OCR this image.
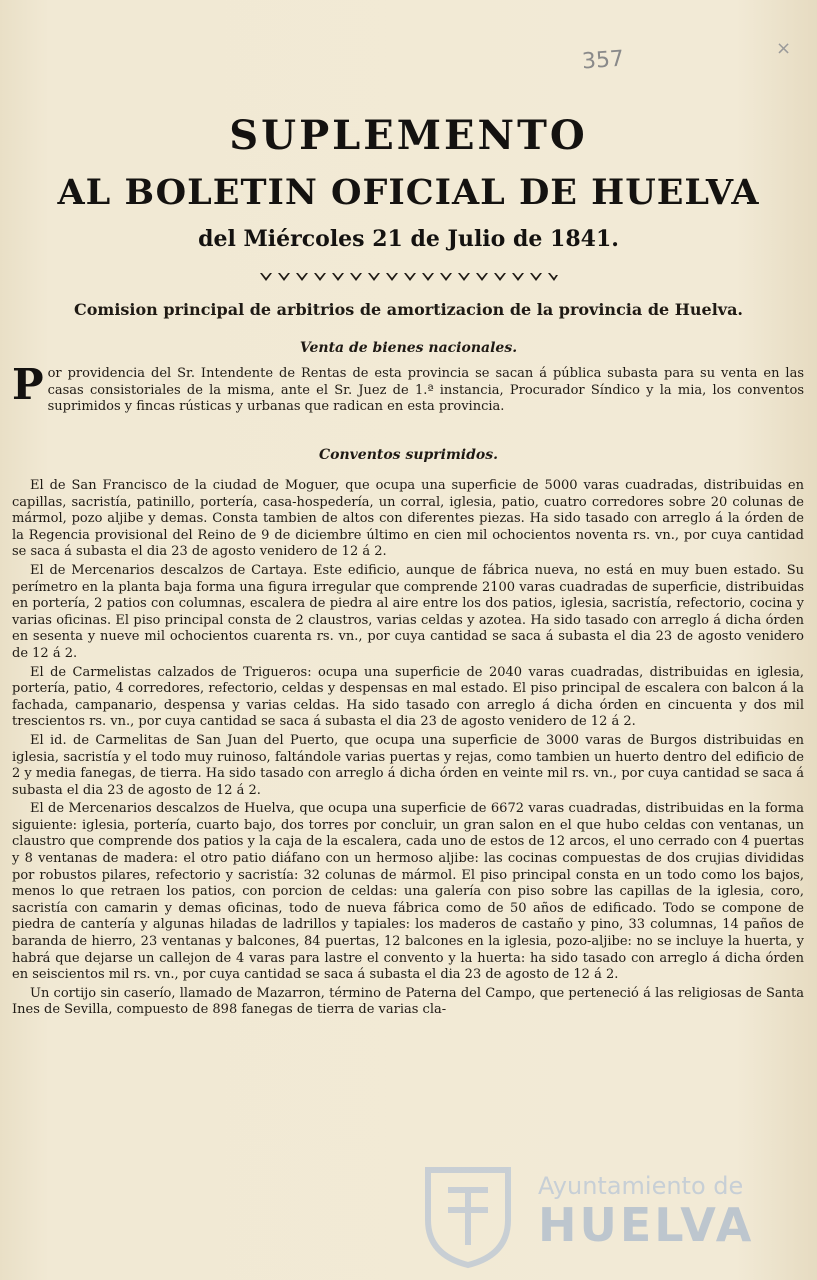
357	×
SUPLEMENTO
AL BOLETIN OFICIAL DE HUELVA
del Miércoles 21 de Julio de 1841.
Comision principal de arbitrios de amortizacion de la provincia de Huelva.
Venta de bienes nacionales.
Por providencia del Sr. Intendente de Rentas de esta provincia se sacan á pública subasta para su venta en las casas consistoriales de la misma, ante el Sr. Juez de 1.ª instancia, Procurador Síndico y la mia, los conventos suprimidos y fincas rústicas y urbanas que radican en esta provincia.
Conventos suprimidos.

El de San Francisco de la ciudad de Moguer, que ocupa una superficie de 5000 varas cuadradas, distribuidas en capillas, sacristía, patinillo, portería, casa-hospedería, un corral, iglesia, patio, cuatro corredores sobre 20 colunas de mármol, pozo aljibe y demas. Consta tambien de altos con diferentes piezas. Ha sido tasado con arreglo á la órden de la Regencia provisional del Reino de 9 de diciembre último en cien mil ochocientos noventa rs. vn., por cuya cantidad se saca á subasta el dia 23 de agosto venidero de 12 á 2.

El de Mercenarios descalzos de Cartaya. Este edificio, aunque de fábrica nueva, no está en muy buen estado. Su perímetro en la planta baja forma una figura irregular que comprende 2100 varas cuadradas de superficie, distribuidas en portería, 2 patios con columnas, escalera de piedra al aire entre los dos patios, iglesia, sacristía, refectorio, cocina y varias oficinas. El piso principal consta de 2 claustros, varias celdas y azotea. Ha sido tasado con arreglo á dicha órden en sesenta y nueve mil ochocientos cuarenta rs. vn., por cuya cantidad se saca á subasta el dia 23 de agosto venidero de 12 á 2.

El de Carmelistas calzados de Trigueros: ocupa una superficie de 2040 varas cuadradas, distribuidas en iglesia, portería, patio, 4 corredores, refectorio, celdas y despensas en mal estado. El piso principal de escalera con balcon á la fachada, campanario, despensa y varias celdas. Ha sido tasado con arreglo á dicha órden en cincuenta y dos mil trescientos rs. vn., por cuya cantidad se saca á subasta el dia 23 de agosto venidero de 12 á 2.

El id. de Carmelitas de San Juan del Puerto, que ocupa una superficie de 3000 varas de Burgos distribuidas en iglesia, sacristía y el todo muy ruinoso, faltándole varias puertas y rejas, como tambien un huerto dentro del edificio de 2 y media fanegas, de tierra. Ha sido tasado con arreglo á dicha órden en veinte mil rs. vn., por cuya cantidad se saca á subasta el dia 23 de agosto de 12 á 2.

El de Mercenarios descalzos de Huelva, que ocupa una superficie de 6672 varas cuadradas, distribuidas en la forma siguiente: iglesia, portería, cuarto bajo, dos torres por concluir, un gran salon en el que hubo celdas con ventanas, un claustro que comprende dos patios y la caja de la escalera, cada uno de estos de 12 arcos, el uno cerrado con 4 puertas y 8 ventanas de madera: el otro patio diáfano con un hermoso aljibe: las cocinas compuestas de dos crujias divididas por robustos pilares, refectorio y sacristía: 32 colunas de mármol. El piso principal consta en un todo como los bajos, menos lo que retraen los patios, con porcion de celdas: una galería con piso sobre las capillas de la iglesia, coro, sacristía con camarin y demas oficinas, todo de nueva fábrica como de 50 años de edificado. Todo se compone de piedra de cantería y algunas hiladas de ladrillos y tapiales: los maderos de castaño y pino, 33 columnas, 14 paños de baranda de hierro, 23 ventanas y balcones, 84 puertas, 12 balcones en la iglesia, pozo-aljibe: no se incluye la huerta, y habrá que dejarse un callejon de 4 varas para lastre el convento y la huerta: ha sido tasado con arreglo á dicha órden en seiscientos mil rs. vn., por cuya cantidad se saca á subasta el dia 23 de agosto de 12 á 2.

Un cortijo sin caserío, llamado de Mazarron, término de Paterna del Campo, que perteneció á las religiosas de Santa Ines de Sevilla, compuesto de 898 fanegas de tierra de varias cla-

Ayuntamiento de
HUELVA
